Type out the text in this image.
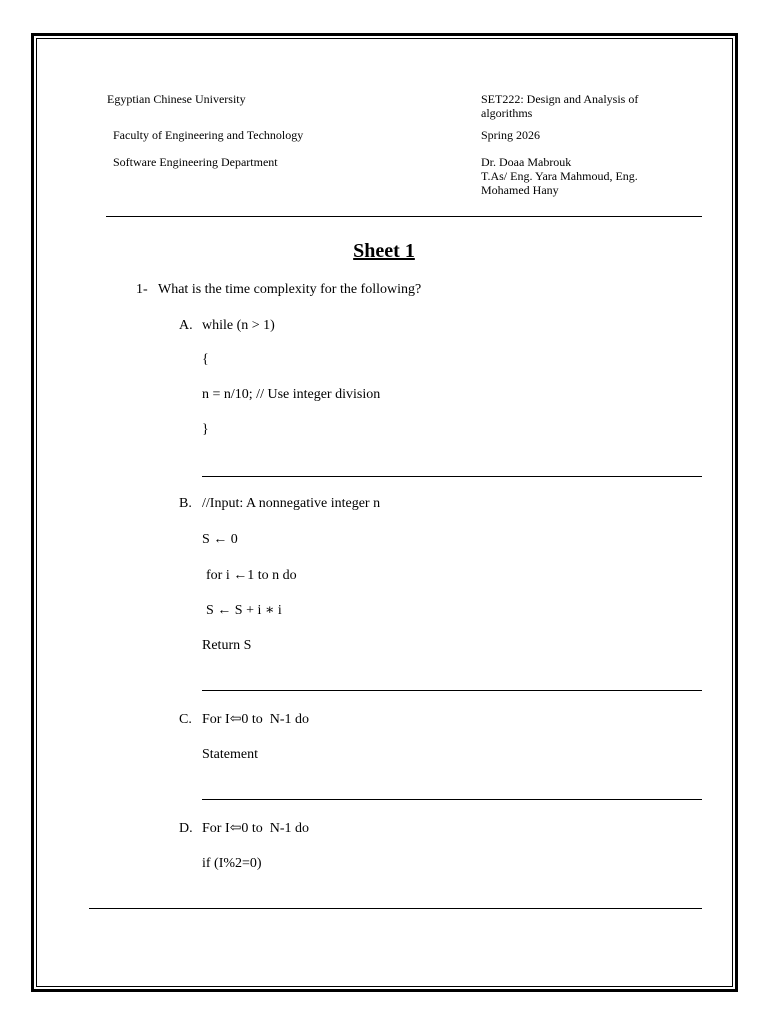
Egyptian Chinese University
Faculty of Engineering and Technology
Software Engineering Department
SET222: Design and Analysis of
algorithms
Spring 2026
Dr. Doaa Mabrouk
T.As/ Eng. Yara Mahmoud, Eng.
Mohamed Hany
Sheet 1
1- What is the time complexity for the following?
A. while (n > 1)
{
n = n/10; // Use integer division
}
B. //Input: A nonnegative integer n
S ← 0
for i ←1 to n do
S ← S + i ∗ i
Return S
C. For I⇦0 to  N-1 do
Statement
D. For I⇦0 to  N-1 do
if (I%2=0)
